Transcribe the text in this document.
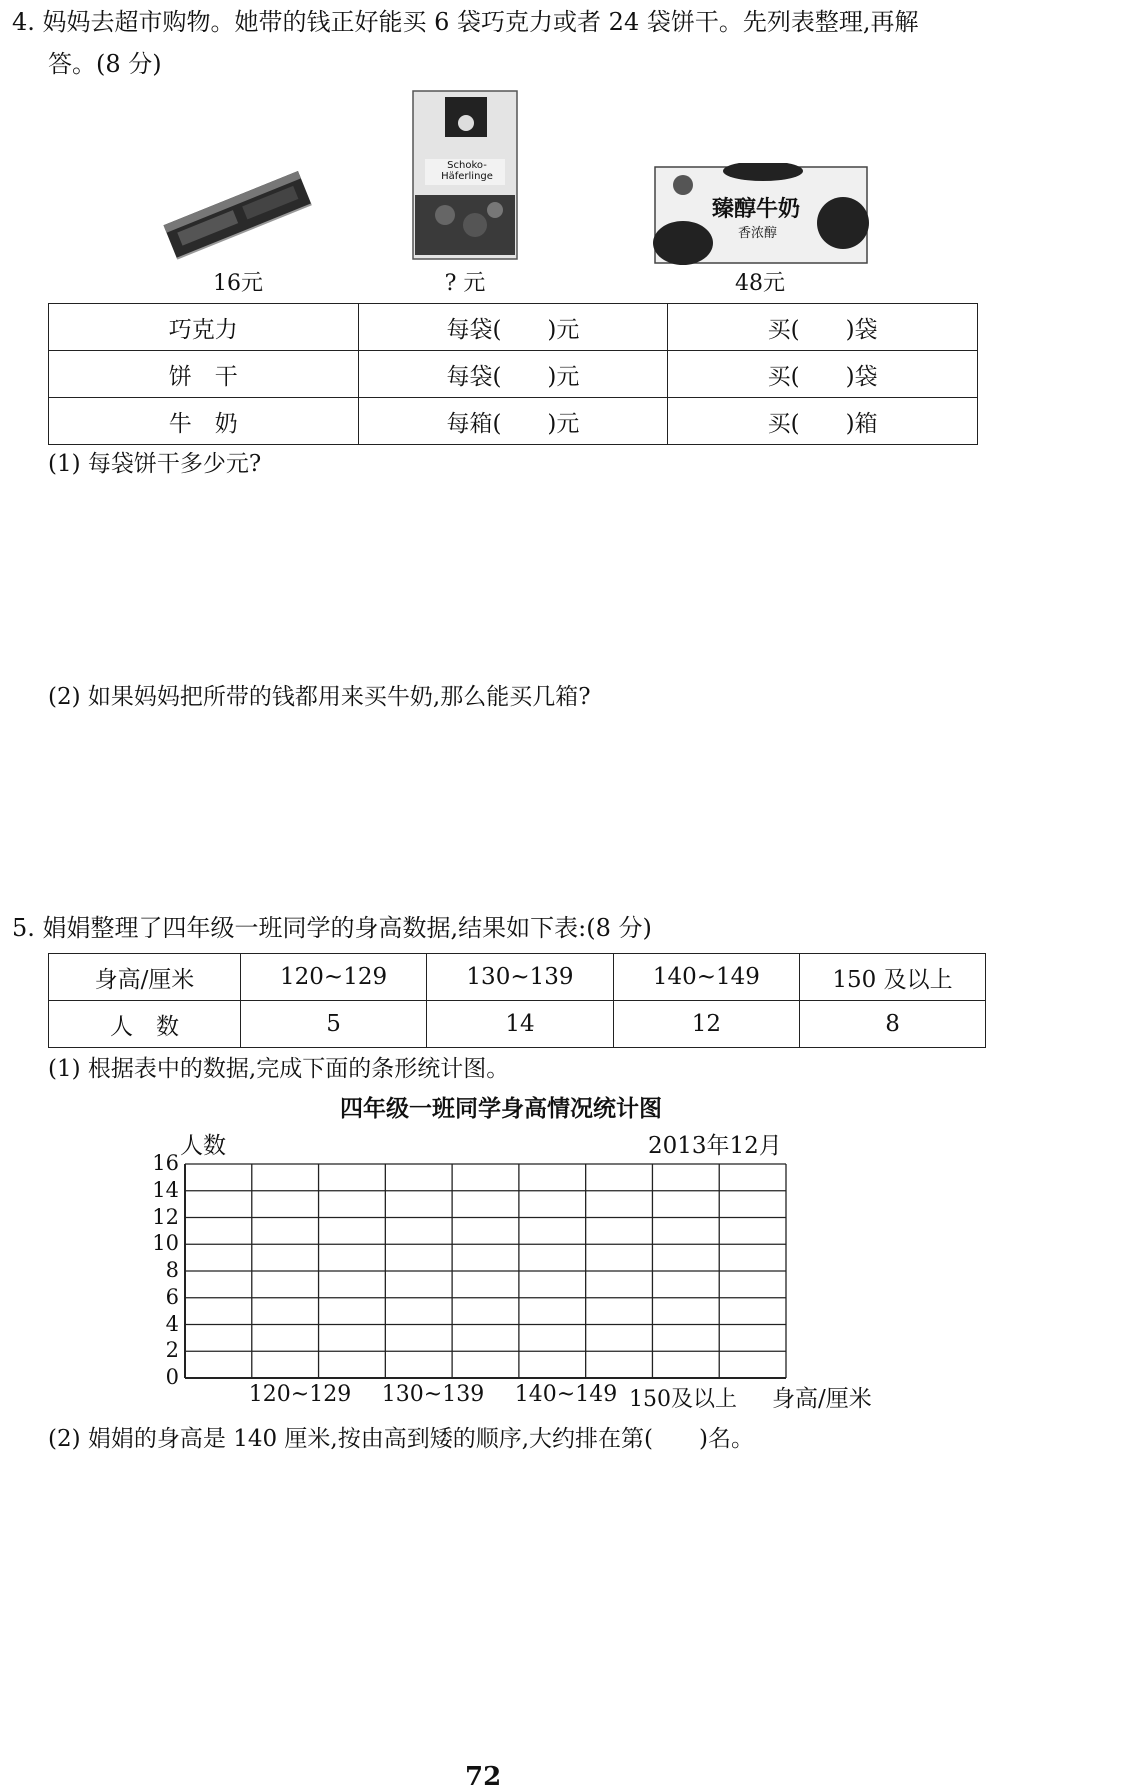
4. 妈妈去超市购物。她带的钱正好能买 6 袋巧克力或者 24 袋饼干。先列表整理,再解
答。(8 分)
Schoko-Häferlinge
臻醇牛奶
香浓醇
16元	? 元	48元
巧克力	每袋(　　)元	买(　　)袋
饼　干	每袋(　　)元	买(　　)袋
牛　奶	每箱(　　)元	买(　　)箱
(1) 每袋饼干多少元?
(2) 如果妈妈把所带的钱都用来买牛奶,那么能买几箱?
5. 娟娟整理了四年级一班同学的身高数据,结果如下表:(8 分)
身高/厘米	120~129	130~139	140~149	150 及以上
人　数	5	14	12	8
(1) 根据表中的数据,完成下面的条形统计图。
四年级一班同学身高情况统计图
人数	2013年12月
0
2
4
6
8
10
12
14
16
120~129	130~139	140~149 150及以上	身高/厘米
(2) 娟娟的身高是 140 厘米,按由高到矮的顺序,大约排在第(　　)名。
72
